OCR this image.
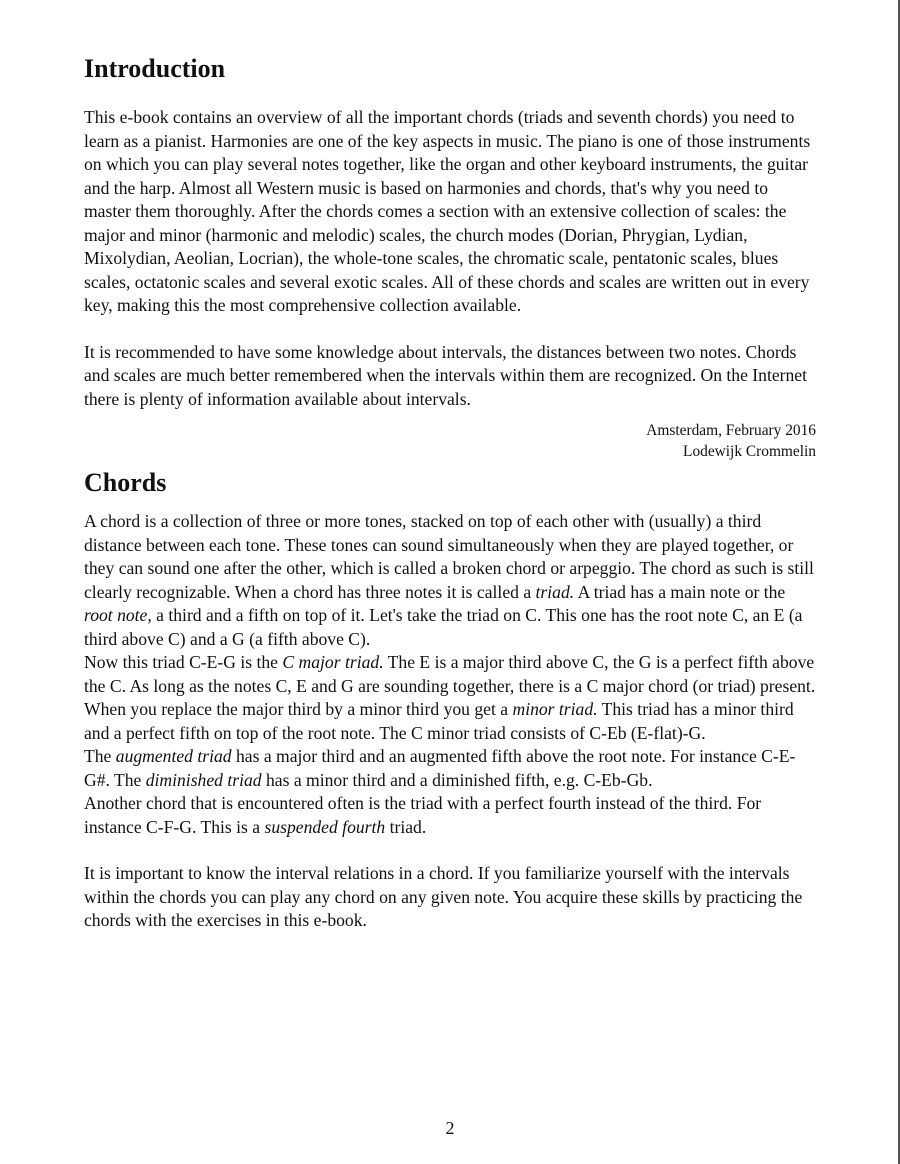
Introduction

This e-book contains an overview of all the important chords (triads and seventh chords) you need to learn as a pianist. Harmonies are one of the key aspects in music. The piano is one of those instruments on which you can play several notes together, like the organ and other keyboard instruments, the guitar and the harp. Almost all Western music is based on harmonies and chords, that's why you need to master them thoroughly. After the chords comes a section with an extensive collection of scales: the major and minor (harmonic and melodic) scales, the church modes (Dorian, Phrygian, Lydian, Mixolydian, Aeolian, Locrian), the whole-tone scales, the chromatic scale, pentatonic scales, blues scales, octatonic scales and several exotic scales. All of these chords and scales are written out in every key, making this the most comprehensive collection available.

It is recommended to have some knowledge about intervals, the distances between two notes. Chords and scales are much better remembered when the intervals within them are recognized. On the Internet there is plenty of information available about intervals.

Amsterdam, February 2016
Lodewijk Crommelin
Chords

A chord is a collection of three or more tones, stacked on top of each other with (usually) a third distance between each tone. These tones can sound simultaneously when they are played together, or they can sound one after the other, which is called a broken chord or arpeggio. The chord as such is still clearly recognizable. When a chord has three notes it is called a triad. A triad has a main note or the root note, a third and a fifth on top of it. Let's take the triad on C. This one has the root note C, an E (a third above C) and a G (a fifth above C).

Now this triad C-E-G is the C major triad. The E is a major third above C, the G is a perfect fifth above the C. As long as the notes C, E and G are sounding together, there is a C major chord (or triad) present.

When you replace the major third by a minor third you get a minor triad. This triad has a minor third and a perfect fifth on top of the root note. The C minor triad consists of C-Eb (E-flat)-G.

The augmented triad has a major third and an augmented fifth above the root note. For instance C-E-G#. The diminished triad has a minor third and a diminished fifth, e.g. C-Eb-Gb.

Another chord that is encountered often is the triad with a perfect fourth instead of the third. For instance C-F-G. This is a suspended fourth triad.

It is important to know the interval relations in a chord. If you familiarize yourself with the intervals within the chords you can play any chord on any given note. You acquire these skills by practicing the chords with the exercises in this e-book.

2
